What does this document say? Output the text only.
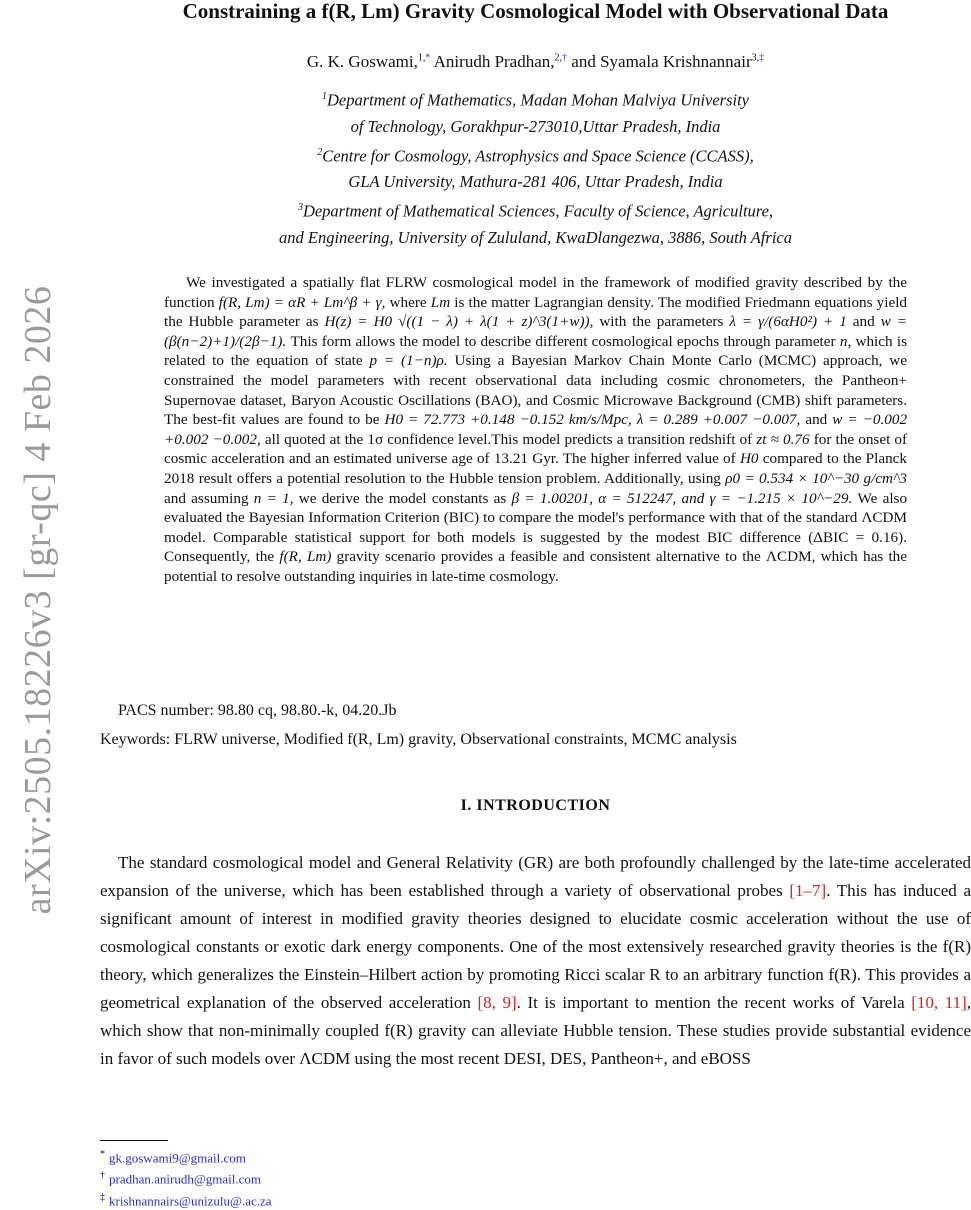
arXiv:2505.18226v3 [gr-qc] 4 Feb 2026
Constraining a f(R, Lm) Gravity Cosmological Model with Observational Data
G. K. Goswami,$^{1,*}$ Anirudh Pradhan,$^{2,\dagger}$ and Syamala Krishnannair$^{3,\ddagger}$
$^1$Department of Mathematics, Madan Mohan Malviya University
of Technology, Gorakhpur-273010,Uttar Pradesh, India
$^2$Centre for Cosmology, Astrophysics and Space Science (CCASS),
GLA University, Mathura-281 406, Uttar Pradesh, India
$^3$Department of Mathematical Sciences, Faculty of Science, Agriculture,
and Engineering, University of Zululand, KwaDlangezwa, 3886, South Africa

We investigated a spatially flat FLRW cosmological model in the framework of modified gravity described by the function f(R, Lm) = αR + Lm^β + γ, where Lm is the matter Lagrangian density. The modified Friedmann equations yield the Hubble parameter as H(z) = H0 √((1 − λ) + λ(1 + z)^3(1+w)), with the parameters λ = γ/(6αH0²) + 1 and w = (β(n−2)+1)/(2β−1). This form allows the model to describe different cosmological epochs through parameter n, which is related to the equation of state p = (1−n)ρ. Using a Bayesian Markov Chain Monte Carlo (MCMC) approach, we constrained the model parameters with recent observational data including cosmic chronometers, the Pantheon+ Supernovae dataset, Baryon Acoustic Oscillations (BAO), and Cosmic Microwave Background (CMB) shift parameters. The best-fit values are found to be H0 = 72.773 +0.148 −0.152 km/s/Mpc, λ = 0.289 +0.007 −0.007, and w = −0.002 +0.002 −0.002, all quoted at the 1σ confidence level.This model predicts a transition redshift of zt ≈ 0.76 for the onset of cosmic acceleration and an estimated universe age of 13.21 Gyr. The higher inferred value of H0 compared to the Planck 2018 result offers a potential resolution to the Hubble tension problem. Additionally, using ρ0 = 0.534 × 10^−30 g/cm^3 and assuming n = 1, we derive the model constants as β = 1.00201, α = 512247, and γ = −1.215 × 10^−29. We also evaluated the Bayesian Information Criterion (BIC) to compare the model's performance with that of the standard ΛCDM model. Comparable statistical support for both models is suggested by the modest BIC difference (ΔBIC = 0.16). Consequently, the f(R, Lm) gravity scenario provides a feasible and consistent alternative to the ΛCDM, which has the potential to resolve outstanding inquiries in late-time cosmology.

PACS number: 98.80 cq, 98.80.-k, 04.20.Jb
Keywords: FLRW universe, Modified f(R, Lm) gravity, Observational constraints, MCMC analysis
I. INTRODUCTION

The standard cosmological model and General Relativity (GR) are both profoundly challenged by the late-time accelerated expansion of the universe, which has been established through a variety of observational probes [1–7]. This has induced a significant amount of interest in modified gravity theories designed to elucidate cosmic acceleration without the use of cosmological constants or exotic dark energy components. One of the most extensively researched gravity theories is the f(R) theory, which generalizes the Einstein–Hilbert action by promoting Ricci scalar R to an arbitrary function f(R). This provides a geometrical explanation of the observed acceleration [8, 9]. It is important to mention the recent works of Varela [10, 11], which show that non-minimally coupled f(R) gravity can alleviate Hubble tension. These studies provide substantial evidence in favor of such models over ΛCDM using the most recent DESI, DES, Pantheon+, and eBOSS

* gk.goswami9@gmail.com
† pradhan.anirudh@gmail.com
‡ krishnannairs@unizulu@.ac.za
